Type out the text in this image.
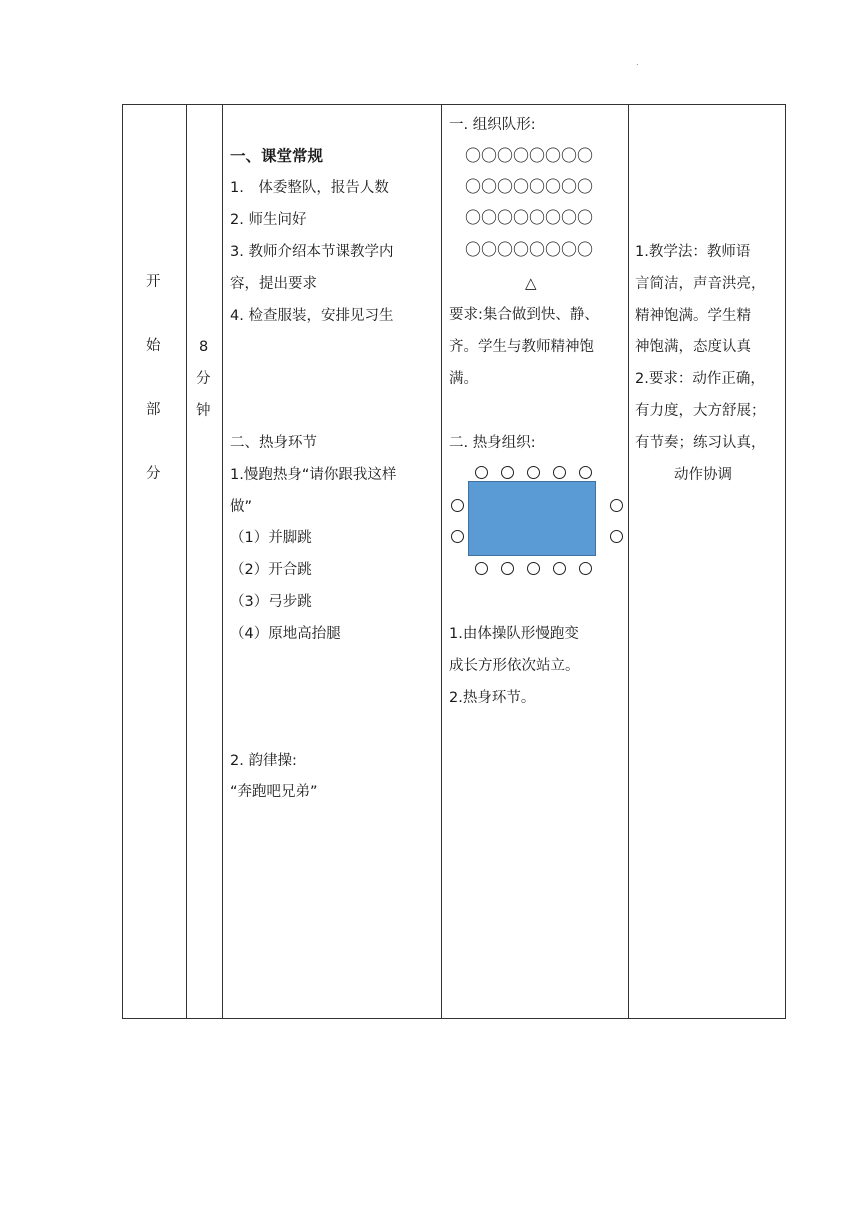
.
开
始
部
分
8
分
钟
一、课堂常规
1.　体委整队，报告人数
2. 师生问好
3. 教师介绍本节课教学内
容，提出要求
4. 检查服装，安排见习生
二、热身环节
1.慢跑热身“请你跟我这样
做”
（1）并脚跳
（2）开合跳
（3）弓步跳
（4）原地高抬腿
2. 韵律操:
“奔跑吧兄弟”
一. 组织队形:
〇〇〇〇〇〇〇〇
〇〇〇〇〇〇〇〇
〇〇〇〇〇〇〇〇
〇〇〇〇〇〇〇〇
△
要求:集合做到快、静、
齐。学生与教师精神饱
满。
二. 热身组织:
1.由体操队形慢跑变
成长方形依次站立。
2.热身环节。
1.教学法：教师语
言简洁，声音洪亮，
精神饱满。学生精
神饱满，态度认真
2.要求：动作正确，
有力度，大方舒展；
有节奏；练习认真，
动作协调
